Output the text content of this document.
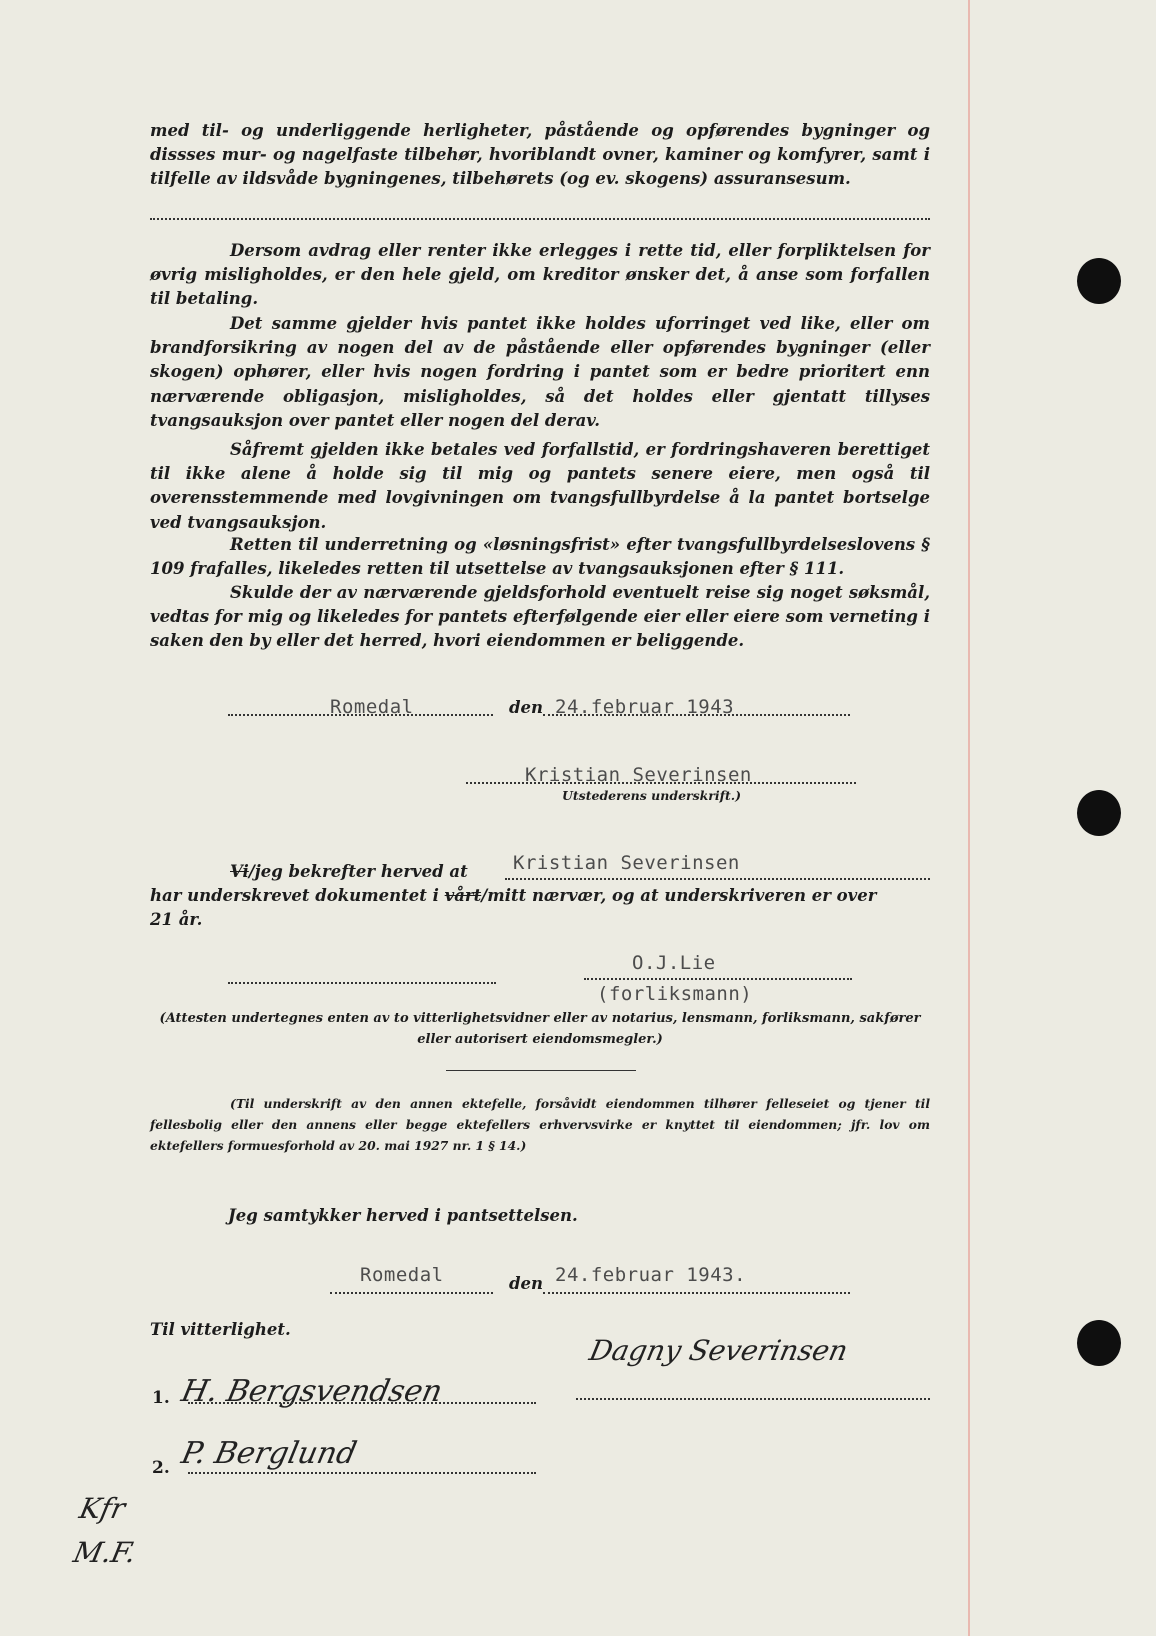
med til- og underliggende herligheter, påstående og opførendes bygninger og dissses mur- og nagelfaste tilbehør, hvoriblandt ovner, kaminer og komfyrer, samt i tilfelle av ildsvåde bygningenes, tilbehørets (og ev. skogens) assuransesum.

Dersom avdrag eller renter ikke erlegges i rette tid, eller forpliktelsen for øvrig misligholdes, er den hele gjeld, om kreditor ønsker det, å anse som forfallen til betaling.

Det samme gjelder hvis pantet ikke holdes uforringet ved like, eller om brandforsikring av nogen del av de påstående eller opførendes bygninger (eller skogen) ophører, eller hvis nogen fordring i pantet som er bedre prioritert enn nærværende obligasjon, misligholdes, så det holdes eller gjentatt tillyses tvangsauksjon over pantet eller nogen del derav.

Såfremt gjelden ikke betales ved forfallstid, er fordringshaveren berettiget til ikke alene å holde sig til mig og pantets senere eiere, men også til overensstemmende med lovgivningen om tvangsfullbyrdelse å la pantet bortselge ved tvangsauksjon.

Retten til underretning og «løsningsfrist» efter tvangsfullbyrdelseslovens § 109 frafalles, likeledes retten til utsettelse av tvangsauksjonen efter § 111.

Skulde der av nærværende gjeldsforhold eventuelt reise sig noget søksmål, vedtas for mig og likeledes for pantets efterfølgende eier eller eiere som verneting i saken den by eller det herred, hvori eiendommen er beliggende.

Romedal	den 24.februar 1943
Kristian Severinsen
Utstederens underskrift.)
Vi/jeg bekrefter herved at
har underskrevet dokumentet i vårt/mitt nærvær, og at underskriveren er over
21 år.
Kristian Severinsen
O.J.Lie
(forliksmann)
(Attesten undertegnes enten av to vitterlighetsvidner eller av notarius, lensmann, forliksmann, sakfører eller autorisert eiendomsmegler.)

(Til underskrift av den annen ektefelle, forsåvidt eiendommen tilhører felleseiet og tjener til fellesbolig eller den annens eller begge ektefellers erhvervsvirke er knyttet til eiendommen; jfr. lov om ektefellers formuesforhold av 20. mai 1927 nr. 1 § 14.)

Jeg samtykker herved i pantsettelsen.
Romedal	den 24.februar 1943.
Til vitterlighet.
Dagny Severinsen
1. H. Bergsvendsen
2. P. Berglund
Kfr
M.F.
